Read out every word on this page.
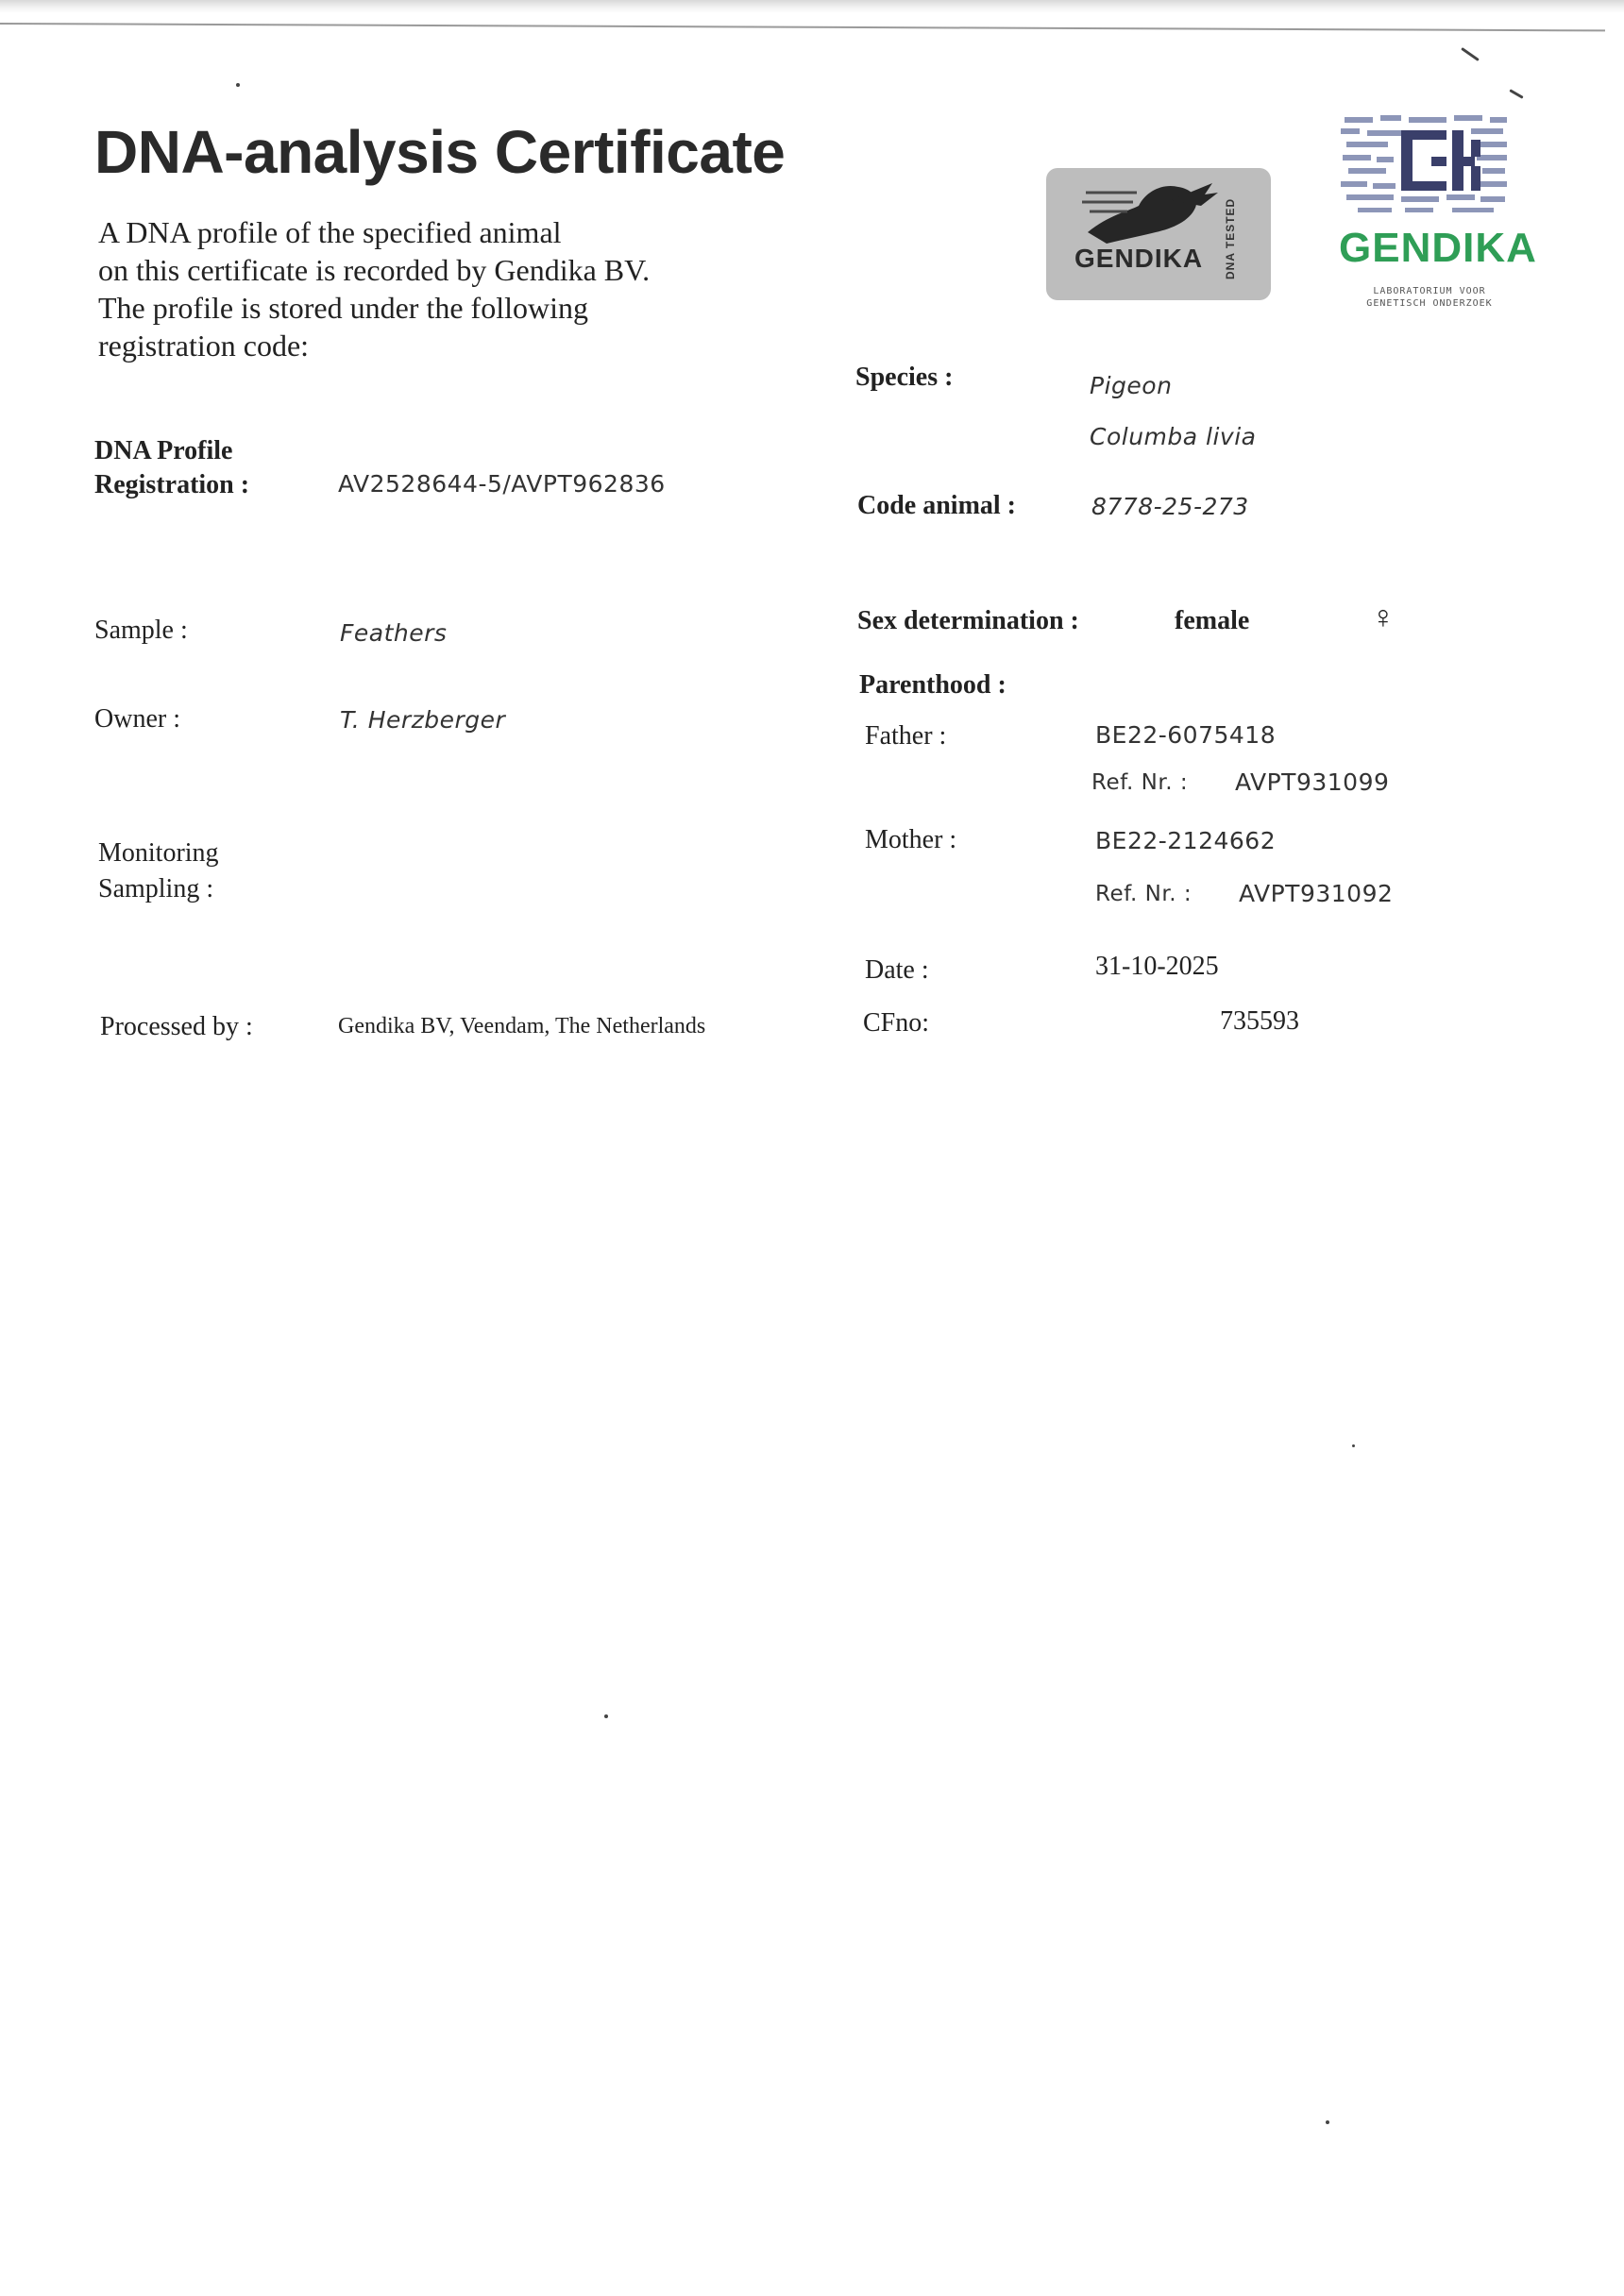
DNA-analysis Certificate
A DNA profile of the specified animal
on this certificate is recorded by Gendika BV.
The profile is stored under the following
registration code:
GENDIKA DNA TESTED	GENDIKA
LABORATORIUM VOOR GENETISCH ONDERZOEK
DNA Profile
Registration :	AV2528644-5/AVPT962836
Sample :	Feathers
Owner :	T. Herzberger
Monitoring
Sampling :
Processed by :	Gendika BV, Veendam, The Netherlands
Species :	Pigeon
Columba livia
Code animal :	8778-25-273
Sex determination :	female	♀
Parenthood :
Father :	BE22-6075418
Ref. Nr. : AVPT931099
Mother :	BE22-2124662
Ref. Nr. : AVPT931092
Date :	31-10-2025
CFno:	735593
